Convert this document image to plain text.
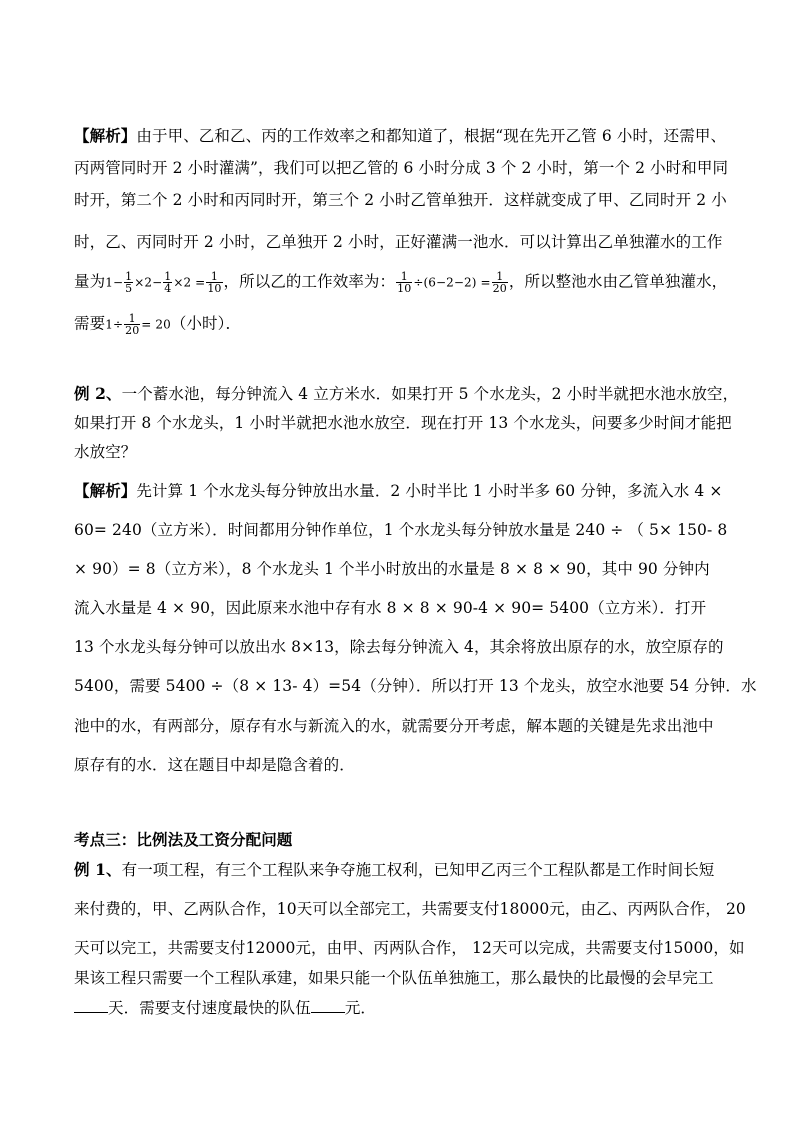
【解析】由于甲、乙和乙、丙的工作效率之和都知道了，根据“现在先开乙管 6 小时，还需甲、
丙两管同时开 2 小时灌满”，我们可以把乙管的 6 小时分成 3 个 2 小时，第一个 2 小时和甲同
时开，第二个 2 小时和丙同时开，第三个 2 小时乙管单独开．这样就变成了甲、乙同时开 2 小
时，乙、丙同时开 2 小时，乙单独开 2 小时，正好灌满一池水．可以计算出乙单独灌水的工作
量为$1- \frac{1}{5} \times 2- \frac{1}{4} \times 2 = \frac{1}{10}$ ，所以乙的工作效率为： $\frac{1}{10} \div(6-2-2) = \frac{1}{20}$ ，所以整池水由乙管单独灌水，
需要$1\div \frac{1}{20} = 20$（小时）．
例 2、一个蓄水池，每分钟流入 4 立方米水．如果打开 5 个水龙头，2 小时半就把水池水放空，
如果打开 8 个水龙头，1 小时半就把水池水放空．现在打开 13 个水龙头，问要多少时间才能把
水放空？
【解析】先计算 1 个水龙头每分钟放出水量．2 小时半比 1 小时半多 60 分钟，多流入水 4 ×
60= 240（立方米）．时间都用分钟作单位，1 个水龙头每分钟放水量是 240 ÷ （ 5× 150- 8
× 90）= 8（立方米），8 个水龙头 1 个半小时放出的水量是 8 × 8 × 90，其中 90 分钟内
流入水量是 4 × 90，因此原来水池中存有水 8 × 8 × 90-4 × 90= 5400（立方米）．打开
13 个水龙头每分钟可以放出水 8×13，除去每分钟流入 4，其余将放出原存的水，放空原存的
5400，需要 5400 ÷（8 × 13- 4）=54（分钟）．所以打开 13 个龙头，放空水池要 54 分钟．水
池中的水，有两部分，原存有水与新流入的水，就需要分开考虑，解本题的关键是先求出池中
原存有的水．这在题目中却是隐含着的．
考点三：比例法及工资分配问题
例 1、有一项工程，有三个工程队来争夺施工权利，已知甲乙丙三个工程队都是工作时间长短
来付费的，甲、乙两队合作，10天可以全部完工，共需要支付18000元，由乙、丙两队合作， 20
天可以完工，共需要支付12000元，由甲、丙两队合作， 12天可以完成，共需要支付15000，如
果该工程只需要一个工程队承建，如果只能一个队伍单独施工，那么最快的比最慢的会早完工
天．需要支付速度最快的队伍 元．
